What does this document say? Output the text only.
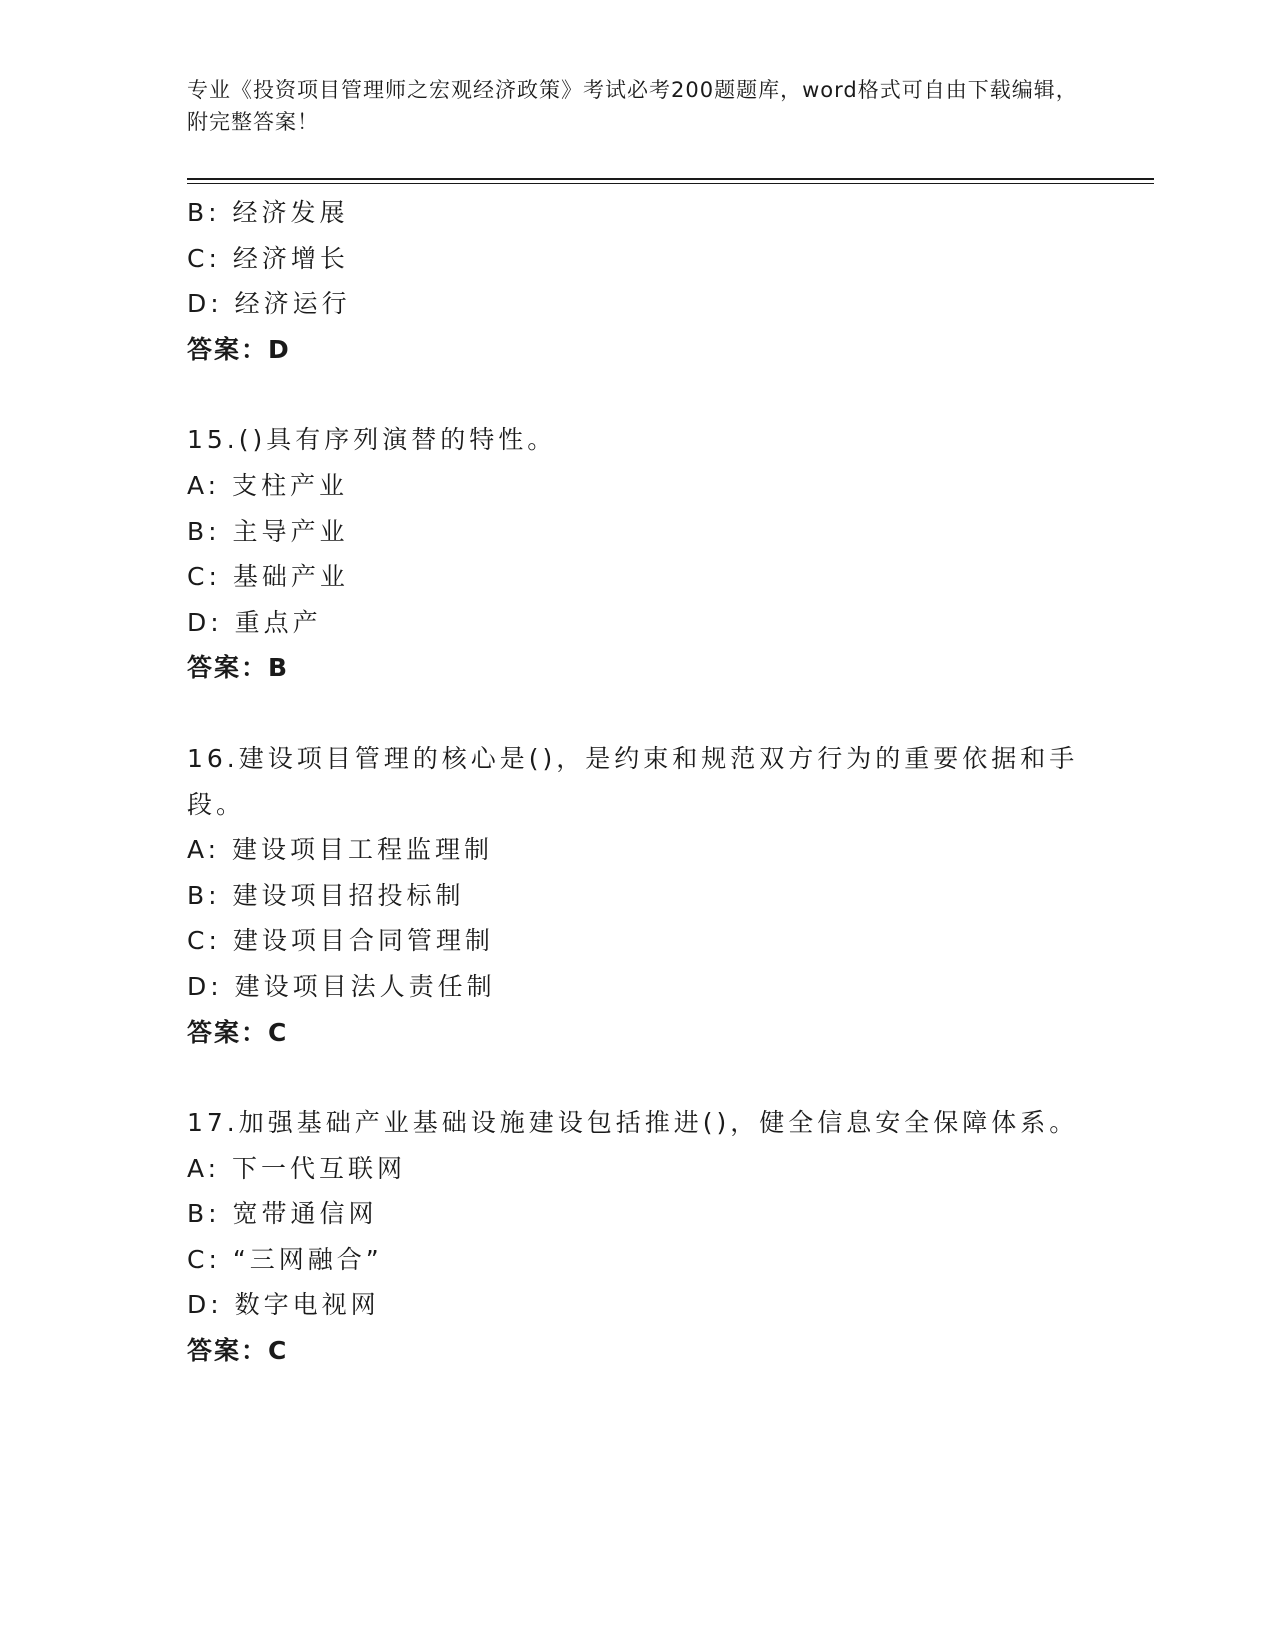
专业《投资项目管理师之宏观经济政策》考试必考200题题库，word格式可自由下载编辑，附完整答案！
B: 经济发展
C: 经济增长
D: 经济运行
答案：D
15.()具有序列演替的特性。
A: 支柱产业
B: 主导产业
C: 基础产业
D: 重点产
答案：B
16.建设项目管理的核心是()，是约束和规范双方行为的重要依据和手段。
A: 建设项目工程监理制
B: 建设项目招投标制
C: 建设项目合同管理制
D: 建设项目法人责任制
答案：C
17.加强基础产业基础设施建设包括推进()，健全信息安全保障体系。
A: 下一代互联网
B: 宽带通信网
C: “三网融合”
D: 数字电视网
答案：C
